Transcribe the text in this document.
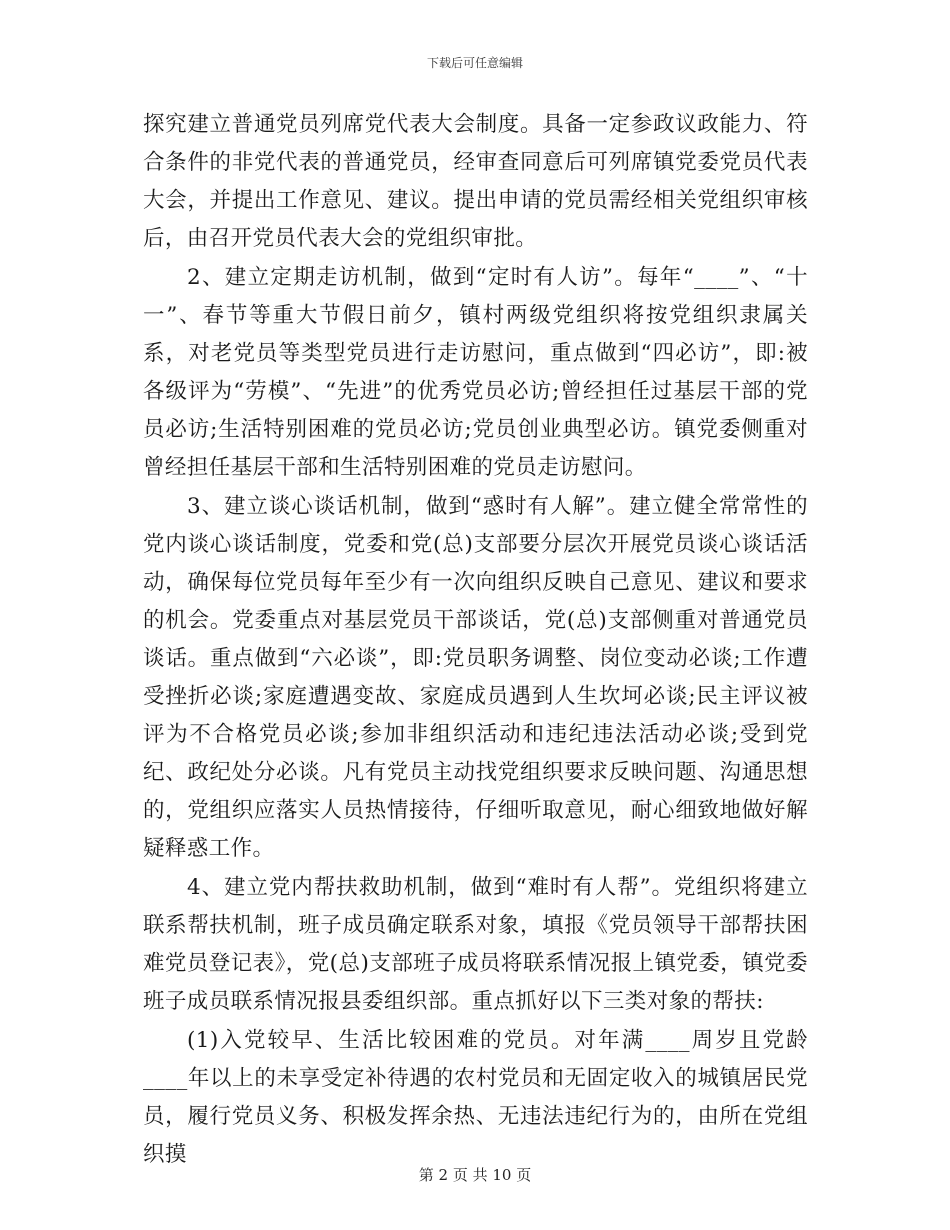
下载后可任意编辑

探究建立普通党员列席党代表大会制度。具备一定参政议政能力、符合条件的非党代表的普通党员，经审查同意后可列席镇党委党员代表大会，并提出工作意见、建议。提出申请的党员需经相关党组织审核后，由召开党员代表大会的党组织审批。

2、建立定期走访机制，做到“定时有人访”。每年“____”、“十一”、春节等重大节假日前夕，镇村两级党组织将按党组织隶属关系，对老党员等类型党员进行走访慰问，重点做到“四必访”，即:被各级评为“劳模”、“先进”的优秀党员必访;曾经担任过基层干部的党员必访;生活特别困难的党员必访;党员创业典型必访。镇党委侧重对曾经担任基层干部和生活特别困难的党员走访慰问。

3、建立谈心谈话机制，做到“惑时有人解”。建立健全常常性的党内谈心谈话制度，党委和党(总)支部要分层次开展党员谈心谈话活动，确保每位党员每年至少有一次向组织反映自己意见、建议和要求的机会。党委重点对基层党员干部谈话，党(总)支部侧重对普通党员谈话。重点做到“六必谈”，即:党员职务调整、岗位变动必谈;工作遭受挫折必谈;家庭遭遇变故、家庭成员遇到人生坎坷必谈;民主评议被评为不合格党员必谈;参加非组织活动和违纪违法活动必谈;受到党纪、政纪处分必谈。凡有党员主动找党组织要求反映问题、沟通思想的，党组织应落实人员热情接待，仔细听取意见，耐心细致地做好解疑释惑工作。

4、建立党内帮扶救助机制，做到“难时有人帮”。党组织将建立联系帮扶机制，班子成员确定联系对象，填报《党员领导干部帮扶困难党员登记表》，党(总)支部班子成员将联系情况报上镇党委，镇党委班子成员联系情况报县委组织部。重点抓好以下三类对象的帮扶:

(1)入党较早、生活比较困难的党员。对年满____周岁且党龄____年以上的未享受定补待遇的农村党员和无固定收入的城镇居民党员，履行党员义务、积极发挥余热、无违法违纪行为的，由所在党组织摸

第 2 页 共 10 页
